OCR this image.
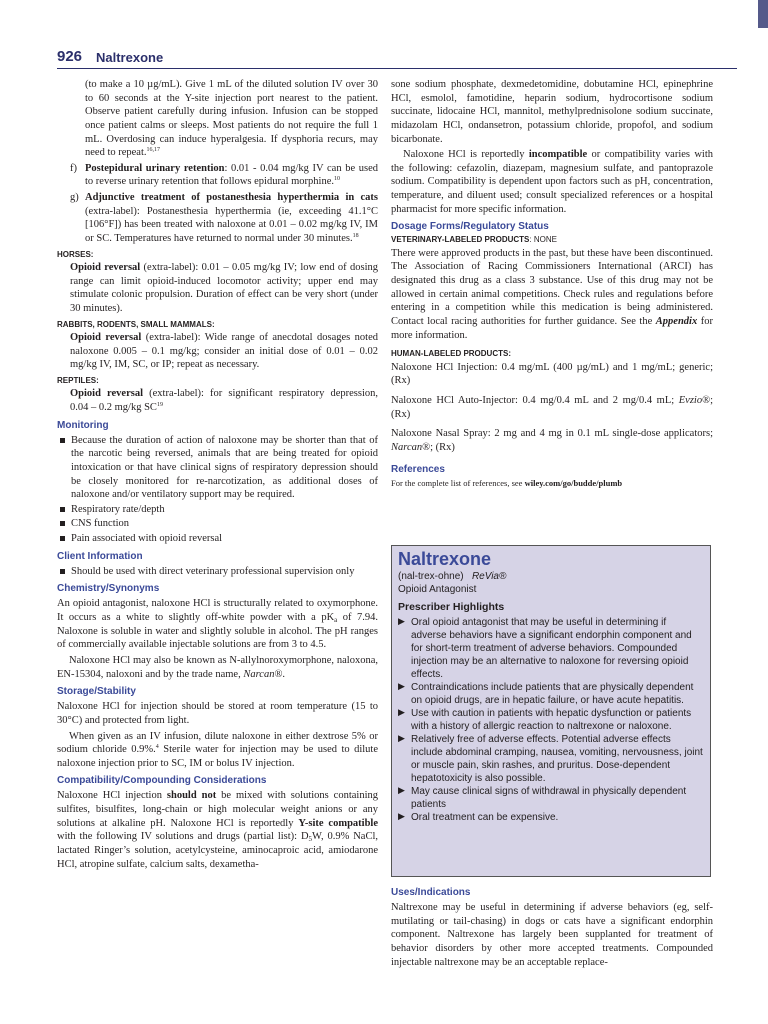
926 Naltrexone

(to make a 10 µg/mL). Give 1 mL of the diluted solution IV over 30 to 60 seconds at the Y-site injection port nearest to the patient. Observe patient carefully during infusion. Infusion can be stopped once patient calms or sleeps. Most patients do not require the full 1 mL. Overdosing can induce hyperalgesia. If dysphoria recurs, may need to repeat.$^{16,17}$

f) Postepidural urinary retention: 0.01 - 0.04 mg/kg IV can be used to reverse urinary retention that follows epidural morphine.$^{10}$
g) Adjunctive treatment of postanesthesia hyperthermia in cats (extra-label): Postanesthesia hyperthermia (ie, exceeding 41.1°C [106°F]) has been treated with naloxone at 0.01 – 0.02 mg/kg IV, IM or SC. Temperatures have returned to normal under 30 minutes.$^{18}$
HORSES:

Opioid reversal (extra-label): 0.01 – 0.05 mg/kg IV; low end of dosing range can limit opioid-induced locomotor activity; upper end may stimulate colonic propulsion. Duration of effect can be very short (under 30 minutes).

RABBITS, RODENTS, SMALL MAMMALS:

Opioid reversal (extra-label): Wide range of anecdotal dosages noted naloxone 0.005 – 0.1 mg/kg; consider an initial dose of 0.01 – 0.02 mg/kg IV, IM, SC, or IP; repeat as necessary.

REPTILES:

Opioid reversal (extra-label): for significant respiratory depression, 0.04 – 0.2 mg/kg SC$^{19}$

Monitoring
Because the duration of action of naloxone may be shorter than that of the narcotic being reversed, animals that are being treated for opioid intoxication or that have clinical signs of respiratory depression should be closely monitored for re-narcotization, as additional doses of naloxone and/or ventilatory support may be required.
Respiratory rate/depth
CNS function
Pain associated with opioid reversal
Client Information
Should be used with direct veterinary professional supervision only
Chemistry/Synonyms

An opioid antagonist, naloxone HCl is structurally related to oxymorphone. It occurs as a white to slightly off-white powder with a $pK_a$ of 7.94. Naloxone is soluble in water and slightly soluble in alcohol. The pH ranges of commercially available injectable solutions are from 3 to 4.5.

Naloxone HCl may also be known as N-allylnoroxymorphone, naloxona, EN-15304, naloxoni and by the trade name, Narcan®.

Storage/Stability

Naloxone HCl for injection should be stored at room temperature (15 to 30°C) and protected from light.

When given as an IV infusion, dilute naloxone in either dextrose 5% or sodium chloride 0.9%.$^4$ Sterile water for injection may be used to dilute naloxone injection prior to SC, IM or bolus IV injection.

Compatibility/Compounding Considerations

Naloxone HCl injection should not be mixed with solutions containing sulfites, bisulfites, long-chain or high molecular weight anions or any solutions at alkaline pH. Naloxone HCl is reportedly Y-site compatible with the following IV solutions and drugs (partial list): $D_5W$, 0.9% NaCl, lactated Ringer’s solution, acetylcysteine, aminocaproic acid, amiodarone HCl, atropine sulfate, calcium salts, dexametha-

sone sodium phosphate, dexmedetomidine, dobutamine HCl, epinephrine HCl, esmolol, famotidine, heparin sodium, hydrocortisone sodium succinate, lidocaine HCl, mannitol, methylprednisolone sodium succinate, midazolam HCl, ondansetron, potassium chloride, propofol, and sodium bicarbonate.

Naloxone HCl is reportedly incompatible or compatibility varies with the following: cefazolin, diazepam, magnesium sulfate, and pantoprazole sodium. Compatibility is dependent upon factors such as pH, concentration, temperature, and diluent used; consult specialized references or a hospital pharmacist for more specific information.

Dosage Forms/Regulatory Status
VETERINARY-LABELED PRODUCTS: NONE

There were approved products in the past, but these have been discontinued. The Association of Racing Commissioners International (ARCI) has designated this drug as a class 3 substance. Use of this drug may not be allowed in certain animal competitions. Check rules and regulations before entering in a competition while this medication is being administered. Contact local racing authorities for further guidance. See the Appendix for more information.

HUMAN-LABELED PRODUCTS:

Naloxone HCl Injection: 0.4 mg/mL (400 µg/mL) and 1 mg/mL; generic; (Rx)

Naloxone HCl Auto-Injector: 0.4 mg/0.4 mL and 2 mg/0.4 mL; Evzio®; (Rx)

Naloxone Nasal Spray: 2 mg and 4 mg in 0.1 mL single-dose applicators; Narcan®; (Rx)

References

For the complete list of references, see wiley.com/go/budde/plumb

Naltrexone
(nal-trex-ohne) ReVia®
Opioid Antagonist
Prescriber Highlights
▶ Oral opioid antagonist that may be useful in determining if adverse behaviors have a significant endorphin component and for short-term treatment of adverse behaviors. Compounded injection may be an alternative to naloxone for reversing opioid effects.
▶ Contraindications include patients that are physically dependent on opioid drugs, are in hepatic failure, or have acute hepatitis.
▶ Use with caution in patients with hepatic dysfunction or patients with a history of allergic reaction to naltrexone or naloxone.
▶ Relatively free of adverse effects. Potential adverse effects include abdominal cramping, nausea, vomiting, nervousness, joint or muscle pain, skin rashes, and pruritus. Dose-dependent hepatotoxicity is also possible.
▶ May cause clinical signs of withdrawal in physically dependent patients
▶ Oral treatment can be expensive.
Uses/Indications

Naltrexone may be useful in determining if adverse behaviors (eg, self-mutilating or tail-chasing) in dogs or cats have a significant endorphin component. Naltrexone has largely been supplanted for treatment of behavior disorders by other more accepted treatments. Compounded injectable naltrexone may be an acceptable replace-
